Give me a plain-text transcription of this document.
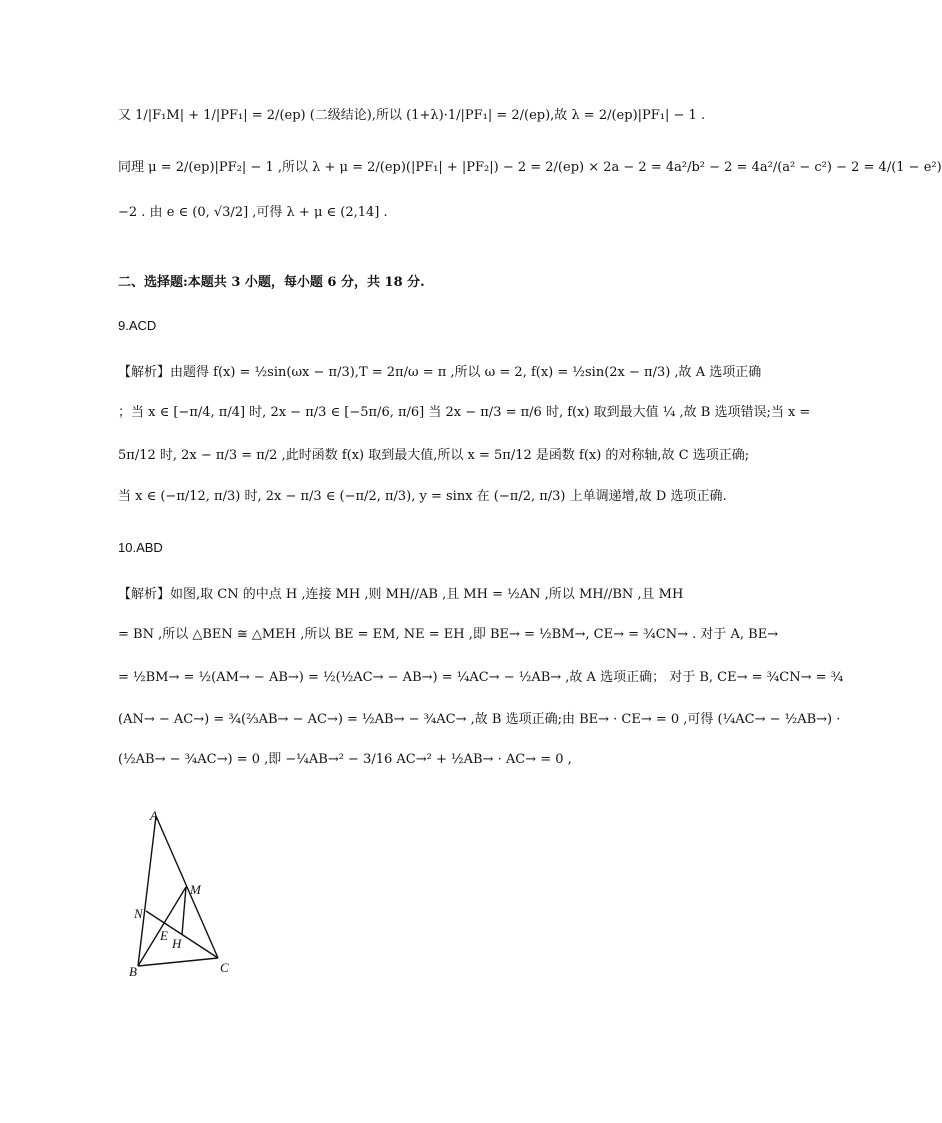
又 1/|F₁M| + 1/|PF₁| = 2/(ep) (二级结论),所以 (1+λ)·1/|PF₁| = 2/(ep),故 λ = 2/(ep)|PF₁| − 1 .
同理 μ = 2/(ep)|PF₂| − 1 ,所以 λ + μ = 2/(ep)(|PF₁| + |PF₂|) − 2 = 2/(ep) × 2a − 2 = 4a²/b² − 2 = 4a²/(a² − c²) − 2 = 4/(1 − e²)
−2 . 由 e ∈ (0, √3/2] ,可得 λ + μ ∈ (2,14] .
二、选择题:本题共 3 小题，每小题 6 分，共 18 分.
9.ACD
【解析】由题得 f(x) = ½sin(ωx − π/3),T = 2π/ω = π ,所以 ω = 2, f(x) = ½sin(2x − π/3) ,故 A 选项正确
；当 x ∈ [−π/4, π/4] 时, 2x − π/3 ∈ [−5π/6, π/6] 当 2x − π/3 = π/6 时, f(x) 取到最大值 ¼ ,故 B 选项错误;当 x =
5π/12 时, 2x − π/3 = π/2 ,此时函数 f(x) 取到最大值,所以 x = 5π/12 是函数 f(x) 的对称轴,故 C 选项正确;
当 x ∈ (−π/12, π/3) 时, 2x − π/3 ∈ (−π/2, π/3), y = sinx 在 (−π/2, π/3) 上单调递增,故 D 选项正确.
10.ABD
【解析】如图,取 CN 的中点 H ,连接 MH ,则 MH//AB ,且 MH = ½AN ,所以 MH//BN ,且 MH
= BN ,所以 △BEN ≅ △MEH ,所以 BE = EM, NE = EH ,即 BE→ = ½BM→, CE→ = ¾CN→ . 对于 A, BE→
= ½BM→ = ½(AM→ − AB→) = ½(½AC→ − AB→) = ¼AC→ − ½AB→ ,故 A 选项正确； 对于 B, CE→ = ¾CN→ = ¾
(AN→ − AC→) = ¾(⅔AB→ − AC→) = ½AB→ − ¾AC→ ,故 B 选项正确;由 BE→ · CE→ = 0 ,可得 (¼AC→ − ½AB→) ·
(½AB→ − ¾AC→) = 0 ,即 −¼AB→² − 3/16 AC→² + ½AB→ · AC→ = 0 ,
A
B	C
M
N
E
H
